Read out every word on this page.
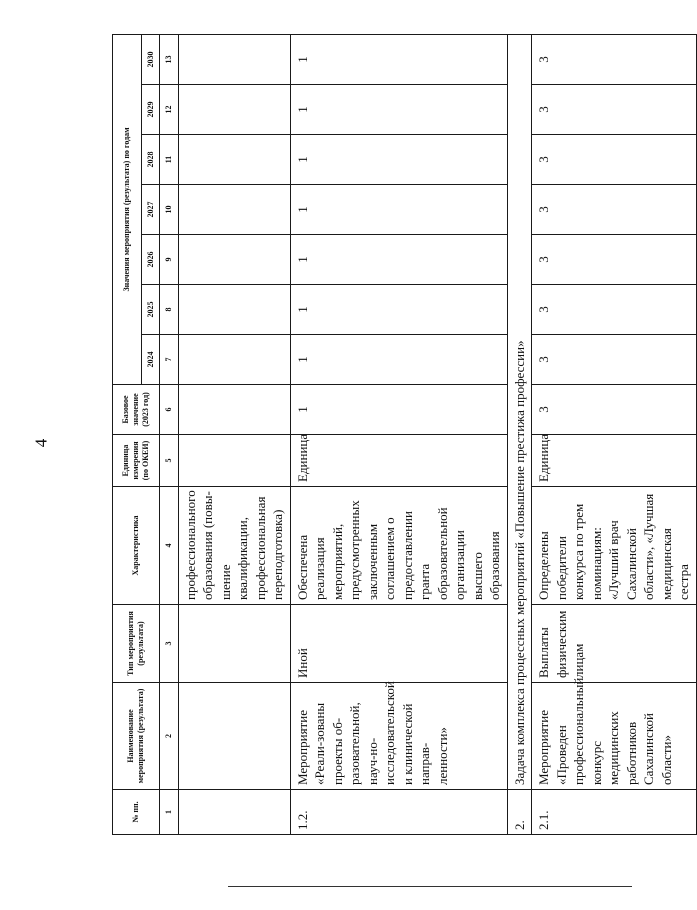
4
№ пп.	Наименование мероприятия (результата)	Тип мероприятия (результата)	Характеристика	Единица измерения (по ОКЕИ)	Базовое значение (2023 год)	Значения мероприятия (результата) по годам						
						2024	2025	2026	2027	2028	2029	2030
1	2	3	4	5	6	7	8	9	10	11	12	13
			профессионального образования (повы-шение квалификации, профессиональная переподготовка)									
1.2.	Мероприятие «Реали-зованы проекты об-разовательной, науч-но-исследовательской и клинической направ-ленности»	Иной	Обеспечена реализация мероприятий, предусмотренных заключенным соглашением о предоставлении гранта образовательной организации высшего образования	Единица	1	1	1	1	1	1	1	1
2.	Задача комплекса процессных мероприятий «Повышение престижа профессии»											
2.1.	Мероприятие «Проведен профессиональный конкурс медицинских работников Сахалинской области»	Выплаты физическим лицам	Определены победители конкурса по трем номинациям: «Лучший врач Сахалинской области», «Лучшая медицинская сестра	Единица	3	3	3	3	3	3	3	3
